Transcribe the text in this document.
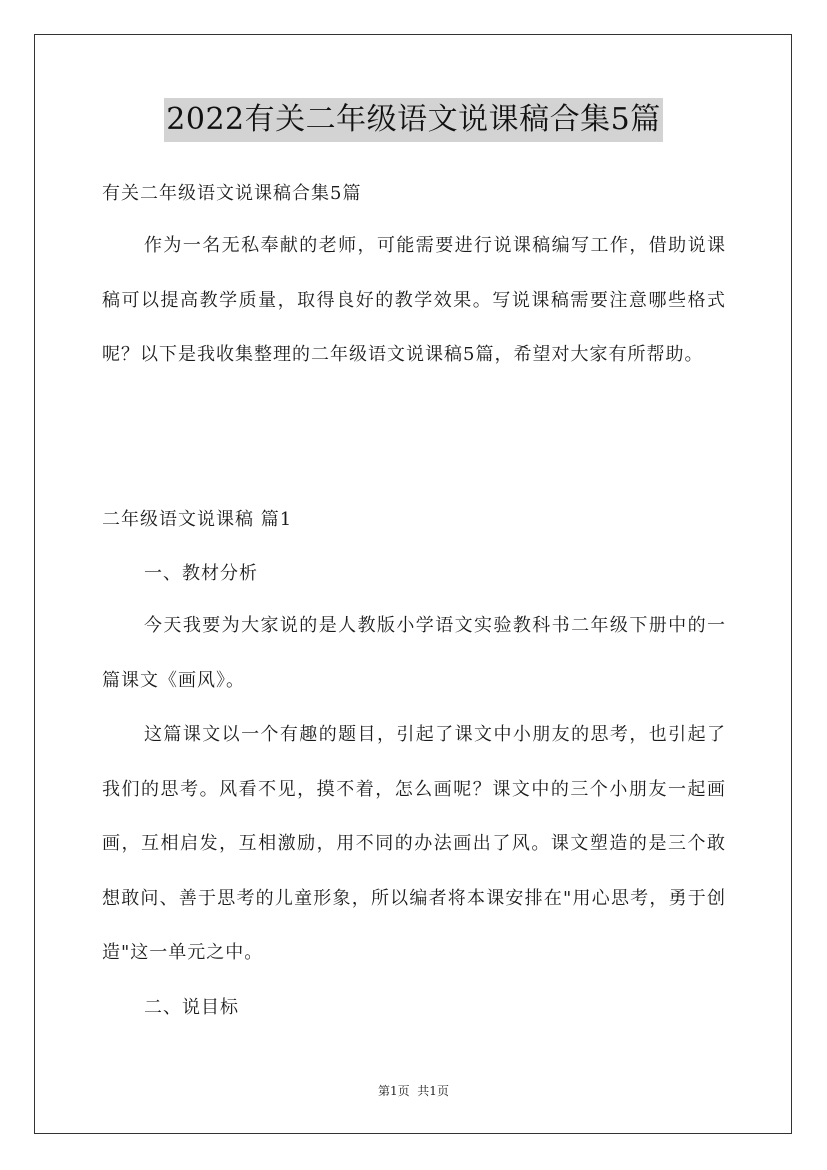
2022有关二年级语文说课稿合集5篇
有关二年级语文说课稿合集5篇
作为一名无私奉献的老师，可能需要进行说课稿编写工作，借助说课稿可以提高教学质量，取得良好的教学效果。写说课稿需要注意哪些格式呢？以下是我收集整理的二年级语文说课稿5篇，希望对大家有所帮助。
二年级语文说课稿 篇1
一、教材分析
今天我要为大家说的是人教版小学语文实验教科书二年级下册中的一篇课文《画风》。
这篇课文以一个有趣的题目，引起了课文中小朋友的思考，也引起了我们的思考。风看不见，摸不着，怎么画呢？课文中的三个小朋友一起画画，互相启发，互相激励，用不同的办法画出了风。课文塑造的是三个敢想敢问、善于思考的儿童形象，所以编者将本课安排在"用心思考，勇于创造"这一单元之中。
二、说目标
第1页  共1页
